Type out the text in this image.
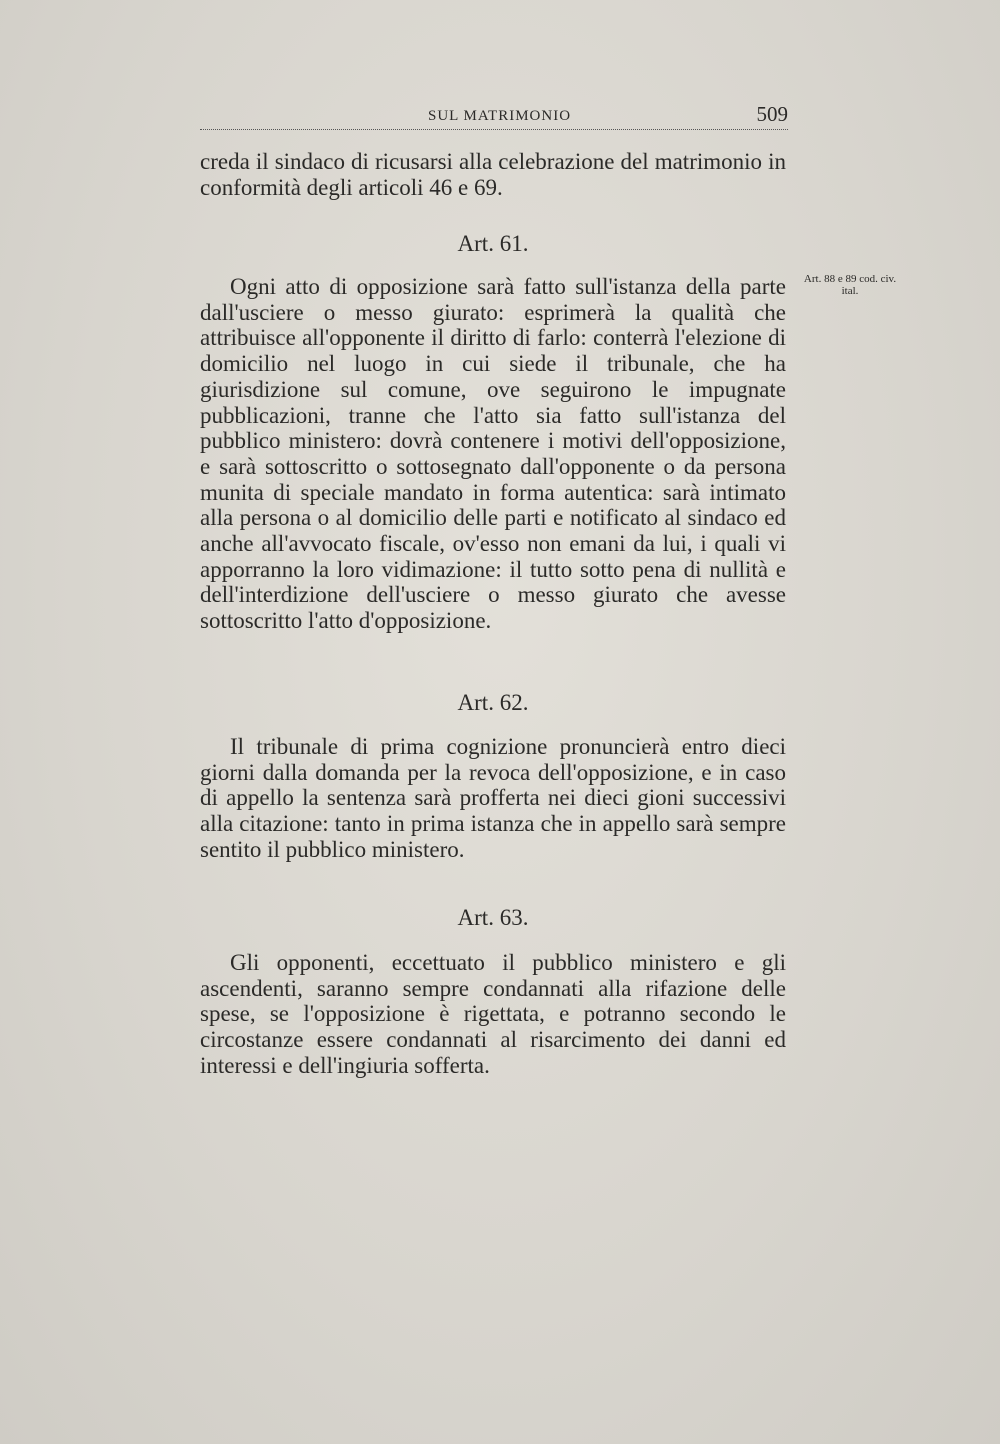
SUL MATRIMONIO	509

creda il sindaco di ricusarsi alla celebrazione del matrimonio in conformità degli articoli 46 e 69.

Art. 61.

Ogni atto di opposizione sarà fatto sull'istanza della parte dall'usciere o messo giurato: esprimerà la qualità che attribuisce all'opponente il diritto di farlo: conterrà l'elezione di domicilio nel luogo in cui siede il tribunale, che ha giurisdizione sul comune, ove seguirono le impugnate pubblicazioni, tranne che l'atto sia fatto sull'istanza del pubblico ministero: dovrà contenere i motivi dell'opposizione, e sarà sottoscritto o sottosegnato dall'opponente o da persona munita di speciale mandato in forma autentica: sarà intimato alla persona o al domicilio delle parti e notificato al sindaco ed anche all'avvocato fiscale, ov'esso non emani da lui, i quali vi apporranno la loro vidimazione: il tutto sotto pena di nullità e dell'interdizione dell'usciere o messo giurato che avesse sottoscritto l'atto d'opposizione.

Art. 88 e 89 cod. civ. ital.

Art. 62.

Il tribunale di prima cognizione pronuncierà entro dieci giorni dalla domanda per la revoca dell'opposizione, e in caso di appello la sentenza sarà profferta nei dieci gioni successivi alla citazione: tanto in prima istanza che in appello sarà sempre sentito il pubblico ministero.

Art. 63.

Gli opponenti, eccettuato il pubblico ministero e gli ascendenti, saranno sempre condannati alla rifazione delle spese, se l'opposizione è rigettata, e potranno secondo le circostanze essere condannati al risarcimento dei danni ed interessi e dell'ingiuria sofferta.
